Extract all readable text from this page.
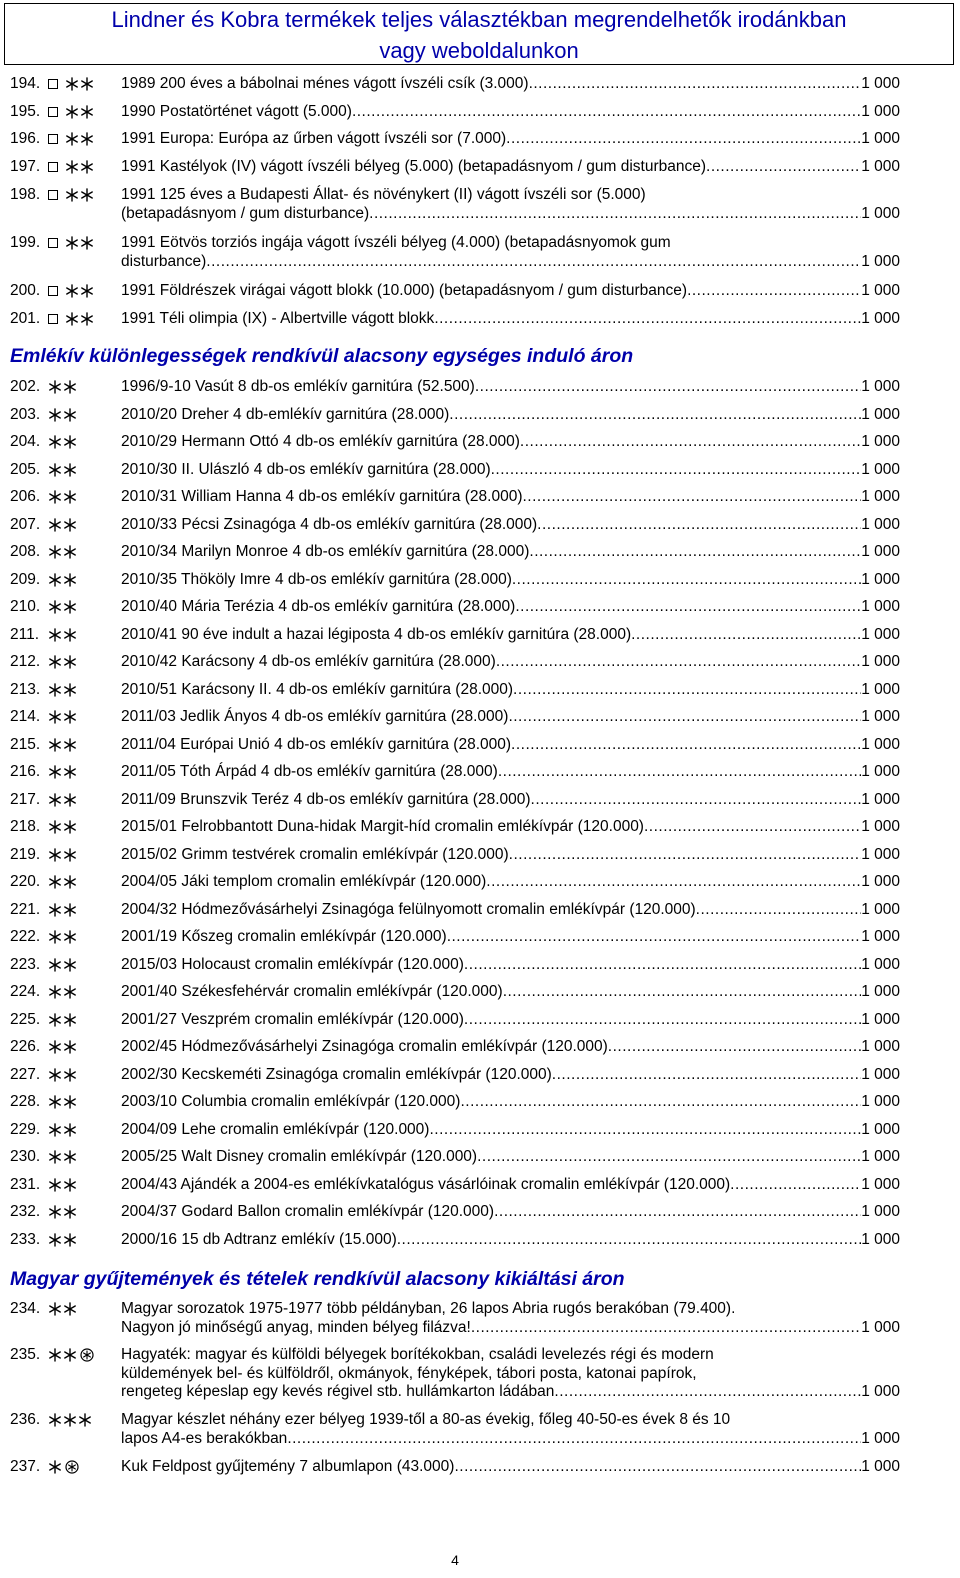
Lindner és Kobra termékek teljes választékban megrendelhetők irodánkban
vagy weboldalunkon
Emlékív különlegességek rendkívül alacsony egységes induló áron
Magyar gyűjtemények és tételek rendkívül alacsony kikiáltási áron
194.	1989 200 éves a bábolnai ménes vágott ívszéli csík (3.000) .....	1 000
195.	1990 Postatörténet vágott (5.000) .....	1 000
196.	1991 Europa: Európa az űrben vágott ívszéli sor (7.000) .....	1 000
197.	1991 Kastélyok (IV) vágott ívszéli bélyeg (5.000) (betapadásnyom / gum disturbance) .....	1 000
198.	1991 125 éves a Budapesti Állat- és növénykert (II) vágott ívszéli sor (5.000)
(betapadásnyom / gum disturbance) .....	1 000
199.	1991 Eötvös torziós ingája vágott ívszéli bélyeg (4.000) (betapadásnyomok gum
disturbance) .....	1 000
200.	1991 Földrészek virágai vágott blokk (10.000) (betapadásnyom / gum disturbance) .....	1 000
201.	1991 Téli olimpia (IX) - Albertville vágott blokk .....	1 000
202.	1996/9-10 Vasút 8 db-os emlékív garnitúra (52.500) .....	1 000
203.	2010/20 Dreher 4 db-emlékív garnitúra (28.000) .....	1 000
204.	2010/29 Hermann Ottó 4 db-os emlékív garnitúra (28.000) .....	1 000
205.	2010/30 II. Ulászló 4 db-os emlékív garnitúra (28.000) .....	1 000
206.	2010/31 William Hanna 4 db-os emlékív garnitúra (28.000) .....	1 000
207.	2010/33 Pécsi Zsinagóga 4 db-os emlékív garnitúra (28.000) .....	1 000
208.	2010/34 Marilyn Monroe 4 db-os emlékív garnitúra (28.000) .....	1 000
209.	2010/35 Thököly Imre 4 db-os emlékív garnitúra (28.000) .....	1 000
210.	2010/40 Mária Terézia 4 db-os emlékív garnitúra (28.000) .....	1 000
211.	2010/41 90 éve indult a hazai légiposta 4 db-os emlékív garnitúra (28.000) .....	1 000
212.	2010/42 Karácsony 4 db-os emlékív garnitúra (28.000) .....	1 000
213.	2010/51 Karácsony II. 4 db-os emlékív garnitúra (28.000) .....	1 000
214.	2011/03 Jedlik Ányos 4 db-os emlékív garnitúra (28.000) .....	1 000
215.	2011/04 Európai Unió 4 db-os emlékív garnitúra (28.000) .....	1 000
216.	2011/05 Tóth Árpád 4 db-os emlékív garnitúra (28.000) .....	1 000
217.	2011/09 Brunszvik Teréz 4 db-os emlékív garnitúra (28.000) .....	1 000
218.	2015/01 Felrobbantott Duna-hidak Margit-híd cromalin emlékívpár (120.000) .....	1 000
219.	2015/02 Grimm testvérek cromalin emlékívpár (120.000) .....	1 000
220.	2004/05 Jáki templom cromalin emlékívpár (120.000) .....	1 000
221.	2004/32 Hódmezővásárhelyi Zsinagóga felülnyomott cromalin emlékívpár (120.000) .....	1 000
222.	2001/19 Kőszeg cromalin emlékívpár (120.000) .....	1 000
223.	2015/03 Holocaust cromalin emlékívpár (120.000) .....	1 000
224.	2001/40 Székesfehérvár cromalin emlékívpár (120.000) .....	1 000
225.	2001/27 Veszprém cromalin emlékívpár (120.000) .....	1 000
226.	2002/45 Hódmezővásárhelyi Zsinagóga cromalin emlékívpár (120.000) .....	1 000
227.	2002/30 Kecskeméti Zsinagóga cromalin emlékívpár (120.000) .....	1 000
228.	2003/10 Columbia cromalin emlékívpár (120.000) .....	1 000
229.	2004/09 Lehe cromalin emlékívpár (120.000) .....	1 000
230.	2005/25 Walt Disney cromalin emlékívpár (120.000) .....	1 000
231.	2004/43 Ajándék a 2004-es emlékívkatalógus vásárlóinak cromalin emlékívpár (120.000) .....	1 000
232.	2004/37 Godard Ballon cromalin emlékívpár (120.000) .....	1 000
233.	2000/16 15 db Adtranz emlékív (15.000) .....	1 000
234.	Magyar sorozatok 1975-1977 több példányban, 26 lapos Abria rugós berakóban (79.400).
Nagyon jó minőségű anyag, minden bélyeg filázva! .....	1 000
235.	Hagyaték: magyar és külföldi bélyegek borítékokban, családi levelezés régi és modern
küldemények bel- és külföldről, okmányok, fényképek, tábori posta, katonai papírok,
rengeteg képeslap egy kevés régivel stb. hullámkarton ládában .....	1 000
236.	Magyar készlet néhány ezer bélyeg 1939-től a 80-as évekig, főleg 40-50-es évek 8 és 10
lapos A4-es berakókban .....	1 000
237.	Kuk Feldpost gyűjtemény 7 albumlapon (43.000) .....	1 000
4
